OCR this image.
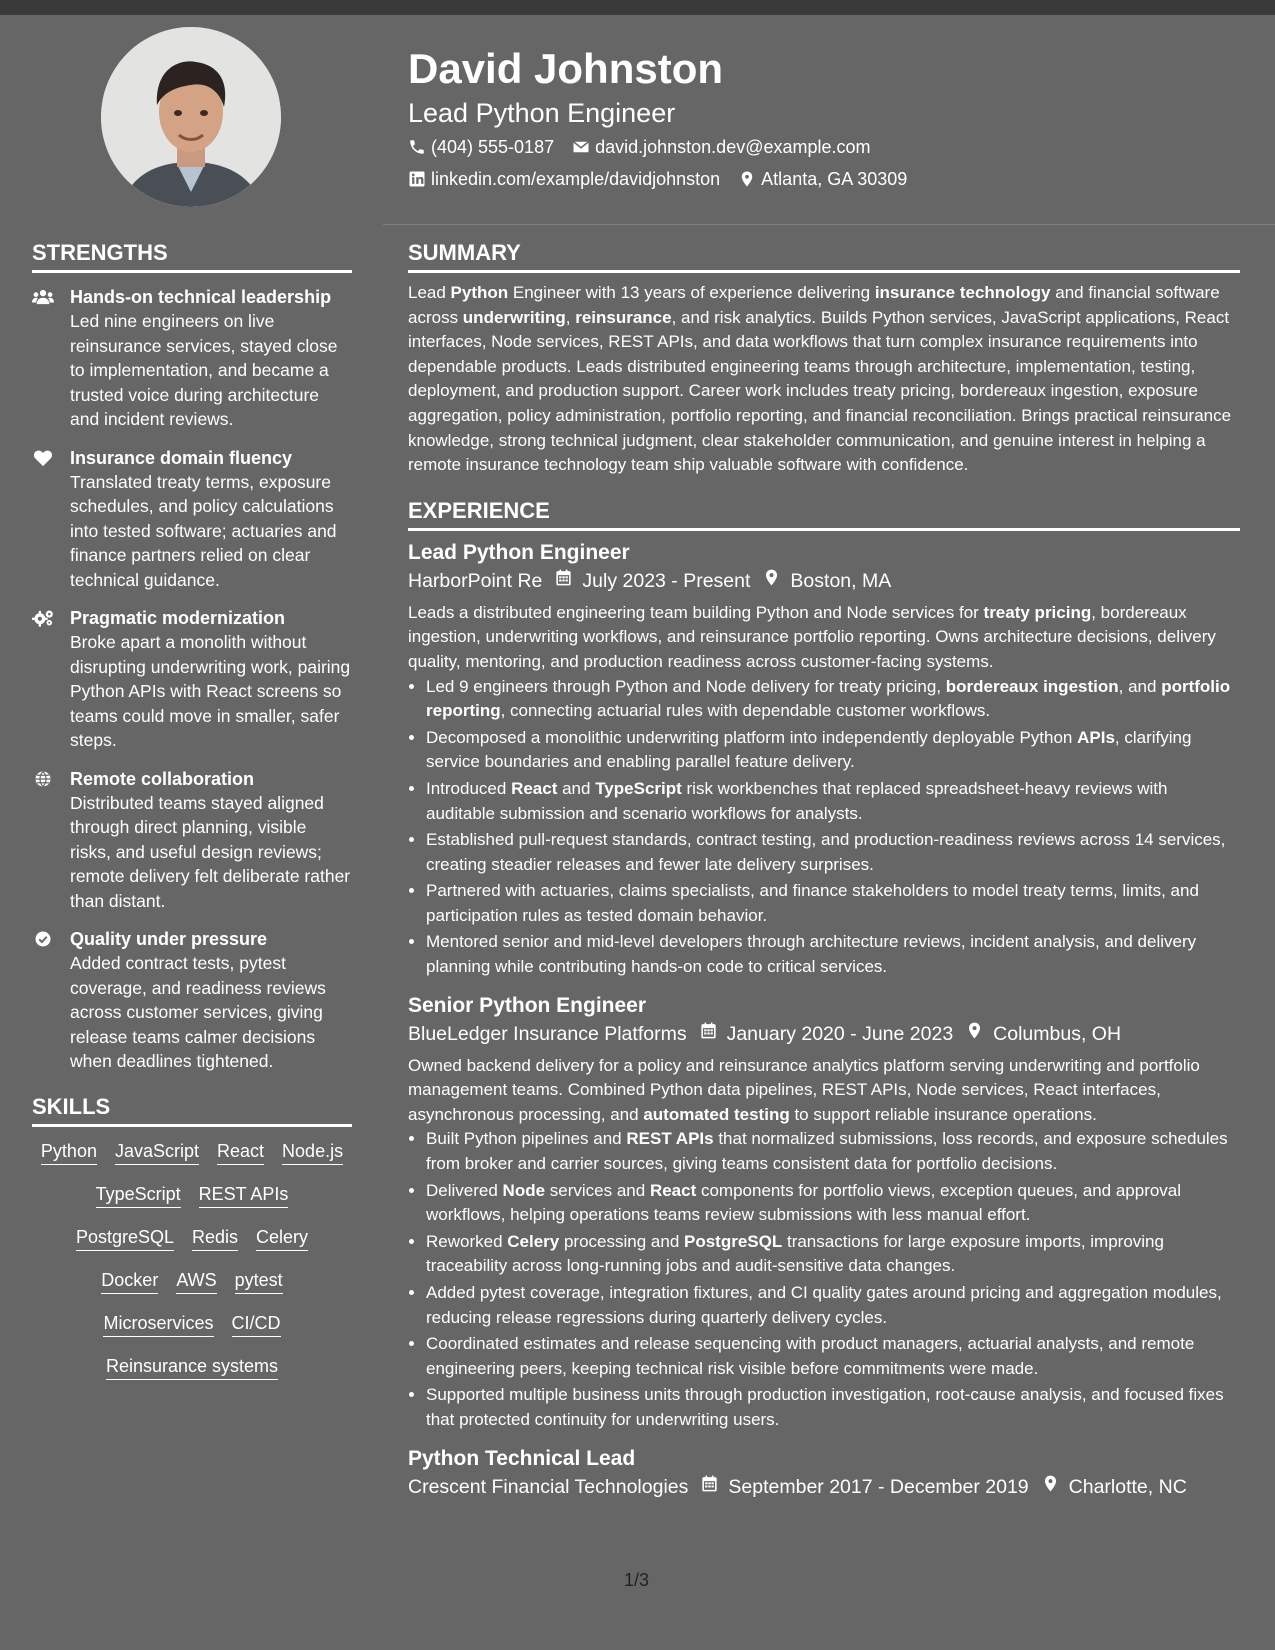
David Johnston
Lead Python Engineer
(404) 555-0187 david.johnston.dev@example.com
linkedin.com/example/davidjohnston Atlanta, GA 30309
STRENGTHS
Hands-on technical leadership
Led nine engineers on live reinsurance services, stayed close to implementation, and became a trusted voice during architecture and incident reviews.
Insurance domain fluency
Translated treaty terms, exposure schedules, and policy calculations into tested software; actuaries and finance partners relied on clear technical guidance.
Pragmatic modernization
Broke apart a monolith without disrupting underwriting work, pairing Python APIs with React screens so teams could move in smaller, safer steps.
Remote collaboration
Distributed teams stayed aligned through direct planning, visible risks, and useful design reviews; remote delivery felt deliberate rather than distant.
Quality under pressure
Added contract tests, pytest coverage, and readiness reviews across customer services, giving release teams calmer decisions when deadlines tightened.
SKILLS
Python JavaScript React Node.js
TypeScript REST APIs
PostgreSQL Redis Celery
Docker AWS pytest
Microservices CI/CD
Reinsurance systems
SUMMARY

Lead Python Engineer with 13 years of experience delivering insurance technology and financial software across underwriting, reinsurance, and risk analytics. Builds Python services, JavaScript applications, React interfaces, Node services, REST APIs, and data workflows that turn complex insurance requirements into dependable products. Leads distributed engineering teams through architecture, implementation, testing, deployment, and production support. Career work includes treaty pricing, bordereaux ingestion, exposure aggregation, policy administration, portfolio reporting, and financial reconciliation. Brings practical reinsurance knowledge, strong technical judgment, clear stakeholder communication, and genuine interest in helping a remote insurance technology team ship valuable software with confidence.

EXPERIENCE
Lead Python Engineer
HarborPoint Re July 2023 - Present Boston, MA

Leads a distributed engineering team building Python and Node services for treaty pricing, bordereaux ingestion, underwriting workflows, and reinsurance portfolio reporting. Owns architecture decisions, delivery quality, mentoring, and production readiness across customer-facing systems.

• Led 9 engineers through Python and Node delivery for treaty pricing, bordereaux ingestion, and portfolio reporting, connecting actuarial rules with dependable customer workflows.
• Decomposed a monolithic underwriting platform into independently deployable Python APIs, clarifying service boundaries and enabling parallel feature delivery.
• Introduced React and TypeScript risk workbenches that replaced spreadsheet-heavy reviews with auditable submission and scenario workflows for analysts.
• Established pull-request standards, contract testing, and production-readiness reviews across 14 services, creating steadier releases and fewer late delivery surprises.
• Partnered with actuaries, claims specialists, and finance stakeholders to model treaty terms, limits, and participation rules as tested domain behavior.
• Mentored senior and mid-level developers through architecture reviews, incident analysis, and delivery planning while contributing hands-on code to critical services.
Senior Python Engineer
BlueLedger Insurance Platforms January 2020 - June 2023 Columbus, OH

Owned backend delivery for a policy and reinsurance analytics platform serving underwriting and portfolio management teams. Combined Python data pipelines, REST APIs, Node services, React interfaces, asynchronous processing, and automated testing to support reliable insurance operations.

• Built Python pipelines and REST APIs that normalized submissions, loss records, and exposure schedules from broker and carrier sources, giving teams consistent data for portfolio decisions.
• Delivered Node services and React components for portfolio views, exception queues, and approval workflows, helping operations teams review submissions with less manual effort.
• Reworked Celery processing and PostgreSQL transactions for large exposure imports, improving traceability across long-running jobs and audit-sensitive data changes.
• Added pytest coverage, integration fixtures, and CI quality gates around pricing and aggregation modules, reducing release regressions during quarterly delivery cycles.
• Coordinated estimates and release sequencing with product managers, actuarial analysts, and remote engineering peers, keeping technical risk visible before commitments were made.
• Supported multiple business units through production investigation, root-cause analysis, and focused fixes that protected continuity for underwriting users.
Python Technical Lead
Crescent Financial Technologies September 2017 - December 2019 Charlotte, NC
1/3
